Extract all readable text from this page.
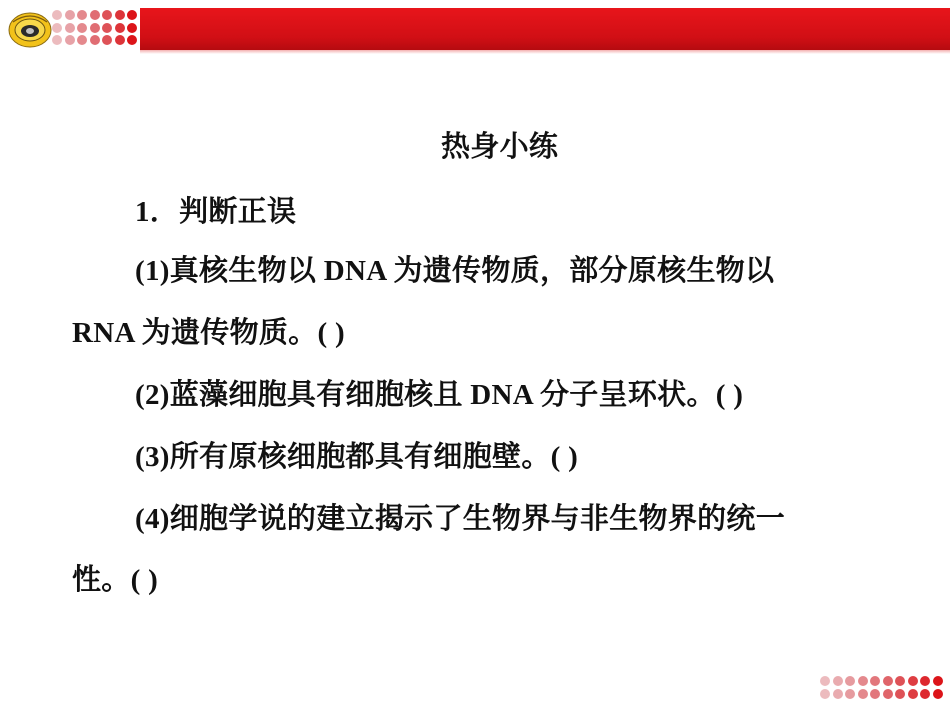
热身小练
1．判断正误
(1)真核生物以 DNA 为遗传物质，部分原核生物以
RNA 为遗传物质。( )
(2)蓝藻细胞具有细胞核且 DNA 分子呈环状。( )
(3)所有原核细胞都具有细胞壁。( )
(4)细胞学说的建立揭示了生物界与非生物界的统一
性。( )
